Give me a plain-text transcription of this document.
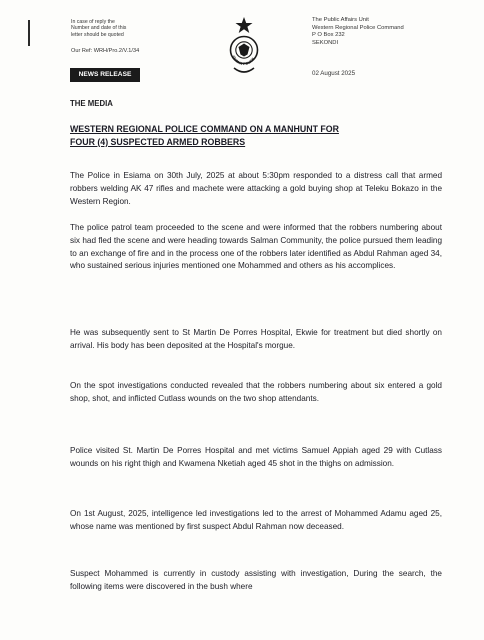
In case of reply the
Number and date of this
letter should be quoted
Our Ref: WRH/Pro.2/V.1/34
GHANA POLICE
The Public Affairs Unit
Western Regional Police Command
P O Box 232
SEKONDI
02 August 2025
NEWS RELEASE
THE MEDIA
WESTERN REGIONAL POLICE COMMAND ON A MANHUNT FOR
FOUR (4) SUSPECTED ARMED ROBBERS
The Police in Esiama on 30th July, 2025 at about 5:30pm responded to a distress call that armed robbers welding AK 47 rifles and machete were attacking a gold buying shop at Teleku Bokazo in the Western Region.
The police patrol team proceeded to the scene and were informed that the robbers numbering about six had fled the scene and were heading towards Salman Community, the police pursued them leading to an exchange of fire and in the process one of the robbers later identified as Abdul Rahman aged 34, who sustained serious injuries mentioned one Mohammed and others as his accomplices.
He was subsequently sent to St Martin De Porres Hospital, Ekwie for treatment but died shortly on arrival. His body has been deposited at the Hospital's morgue.
On the spot investigations conducted revealed that the robbers numbering about six entered a gold shop, shot, and inflicted Cutlass wounds on the two shop attendants.
Police visited St. Martin De Porres Hospital and met victims Samuel Appiah aged 29 with Cutlass wounds on his right thigh and Kwamena Nketiah aged 45 shot in the thighs on admission.
On 1st August, 2025, intelligence led investigations led to the arrest of Mohammed Adamu aged 25, whose name was mentioned by first suspect Abdul Rahman now deceased.
Suspect Mohammed is currently in custody assisting with investigation, During the search, the following items were discovered in the bush where
